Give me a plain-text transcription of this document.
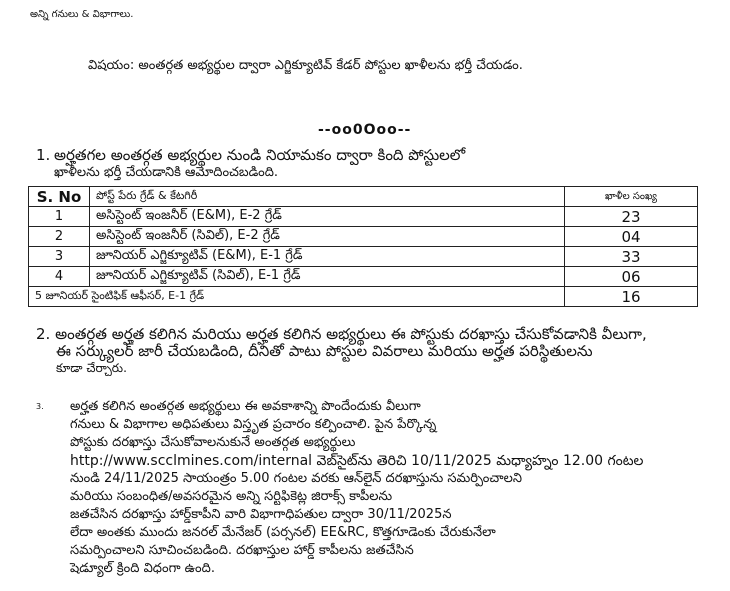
అన్ని గనులు & విభాగాలు.
విషయం: అంతర్గత అభ్యర్థుల ద్వారా ఎగ్జిక్యూటివ్ కేడర్ పోస్టుల ఖాళీలను భర్తీ చేయడం.
--oo0Ooo--
1. అర్హతగల అంతర్గత అభ్యర్థుల నుండి నియామకం ద్వారా కింది పోస్టులలో
ఖాళీలను భర్తీ చేయడానికి ఆమోదించబడింది.
S. No	పోస్ట్ పేరు గ్రేడ్ & కేటగిరీ	ఖాళీల సంఖ్య
1	అసిస్టెంట్ ఇంజనీర్ (E&M), E-2 గ్రేడ్	23
2	అసిస్టెంట్ ఇంజనీర్ (సివిల్), E-2 గ్రేడ్	04
3	జూనియర్ ఎగ్జిక్యూటివ్ (E&M), E-1 గ్రేడ్	33
4	జూనియర్ ఎగ్జిక్యూటివ్ (సివిల్), E-1 గ్రేడ్	06
5 జూనియర్ సైంటిఫిక్ ఆఫీసర్, E-1 గ్రేడ్		16
2. అంతర్గత అర్హత కలిగిన మరియు అర్హత కలిగిన అభ్యర్థులు ఈ పోస్టుకు దరఖాస్తు చేసుకోవడానికి వీలుగా,
ఈ సర్క్యులర్ జారీ చేయబడింది, దీనితో పాటు పోస్టుల వివరాలు మరియు అర్హత పరిస్థితులను
కూడా చేర్చారు.
3. అర్హత కలిగిన అంతర్గత అభ్యర్థులు ఈ అవకాశాన్ని పొందేందుకు వీలుగా
గనులు & విభాగాల అధిపతులు విస్తృత ప్రచారం కల్పించాలి. పైన పేర్కొన్న
పోస్టుకు దరఖాస్తు చేసుకోవాలనుకునే అంతర్గత అభ్యర్థులు
http://www.scclmines.com/internal వెబ్‌సైట్‌ను తెరిచి 10/11/2025 మధ్యాహ్నం 12.00 గంటల
నుండి 24/11/2025 సాయంత్రం 5.00 గంటల వరకు ఆన్‌లైన్ దరఖాస్తును సమర్పించాలని
మరియు సంబంధిత/అవసరమైన అన్ని సర్టిఫికెట్ల జిరాక్స్ కాపీలను
జతచేసిన దరఖాస్తు హార్డ్‌కాపీని వారి విభాగాధిపతుల ద్వారా 30/11/2025న
లేదా అంతకు ముందు జనరల్ మేనేజర్ (పర్సనల్) EE&RC, కొత్తగూడెంకు చేరుకునేలా
సమర్పించాలని సూచించబడింది. దరఖాస్తుల హార్డ్ కాపీలను జతచేసిన
షెడ్యూల్ క్రింది విధంగా ఉంది.
